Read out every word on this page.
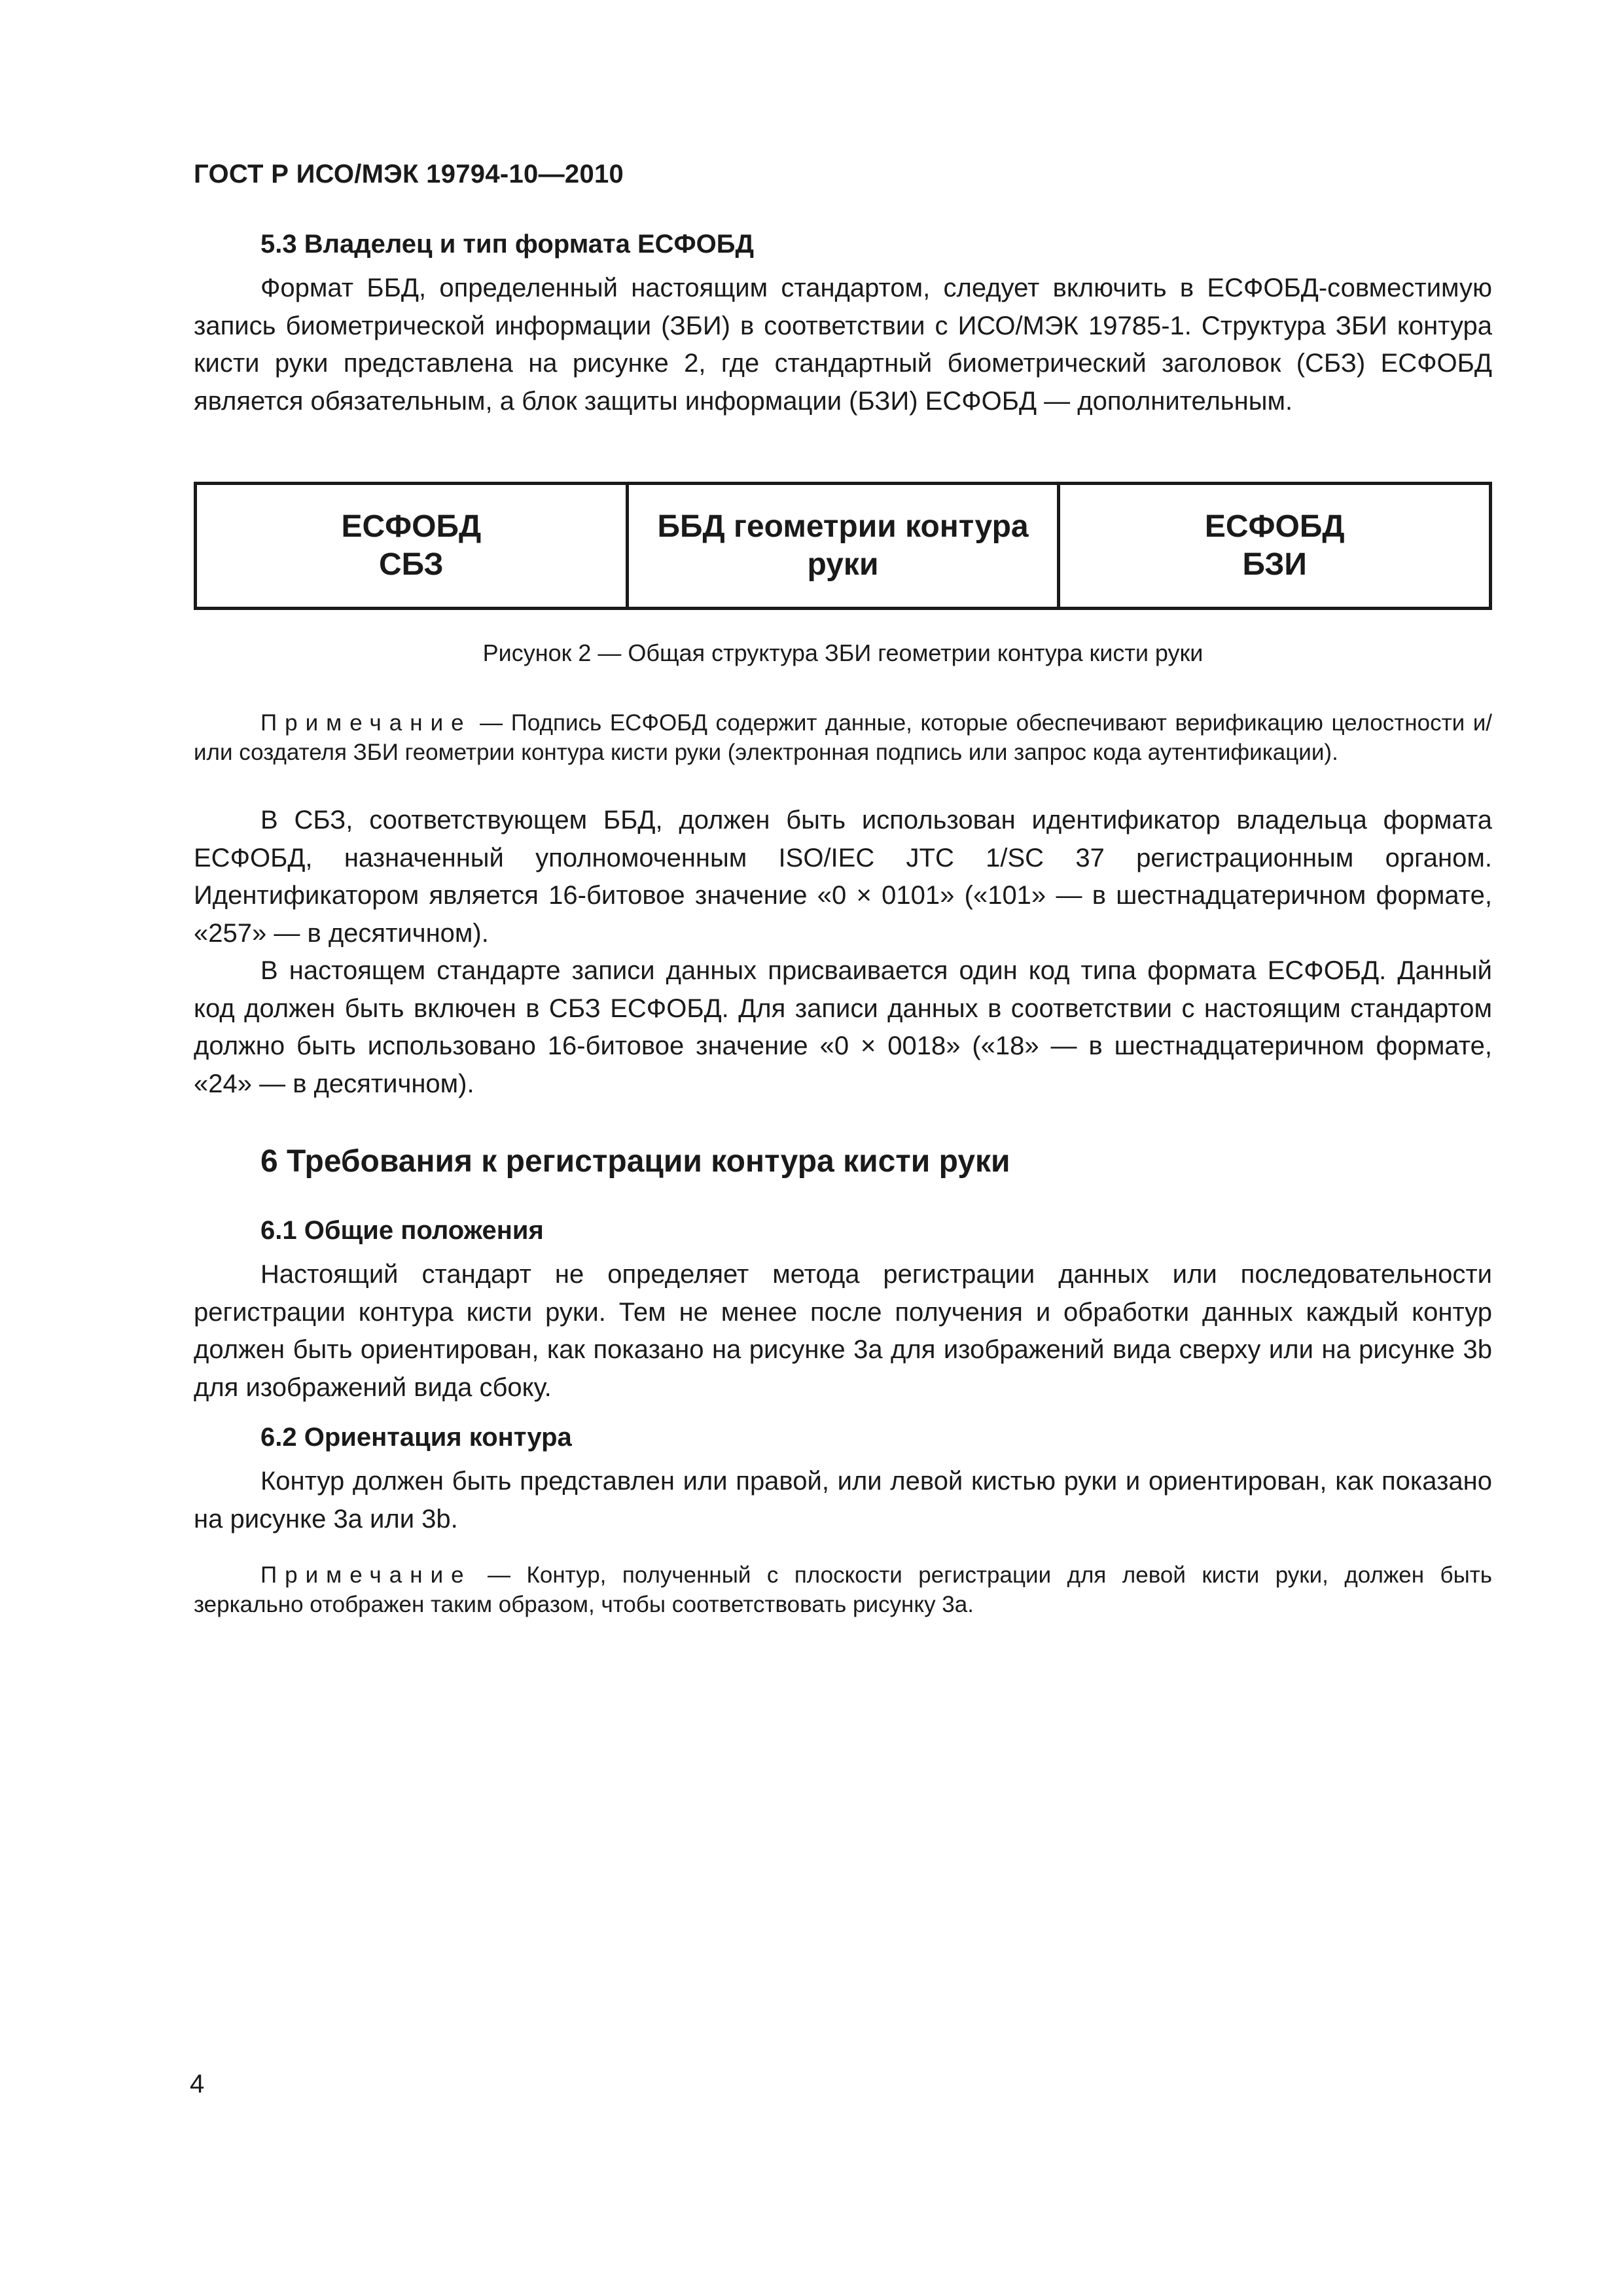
ГОСТ Р ИСО/МЭК 19794-10—2010
5.3 Владелец и тип формата ЕСФОБД

Формат ББД, определенный настоящим стандартом, следует включить в ЕСФОБД-совместимую запись биометрической информации (ЗБИ) в соответствии с ИСО/МЭК 19785-1. Структура ЗБИ контура кисти руки представлена на рисунке 2, где стандартный биометрический заголовок (СБЗ) ЕСФОБД является обязательным, а блок защиты информации (БЗИ) ЕСФОБД — дополнительным.

ЕСФОБД
СБЗ
ББД геометрии контура
руки
ЕСФОБД
БЗИ
Рисунок 2 — Общая структура ЗБИ геометрии контура кисти руки

Примечание — Подпись ЕСФОБД содержит данные, которые обеспечивают верификацию целостности и/или создателя ЗБИ геометрии контура кисти руки (электронная подпись или запрос кода аутентификации).

В СБЗ, соответствующем ББД, должен быть использован идентификатор владельца формата ЕСФОБД, назначенный уполномоченным ISO/IEC JTC 1/SC 37 регистрационным органом. Идентификатором является 16-битовое значение «0 × 0101» («101» — в шестнадцатеричном формате, «257» — в десятичном).

В настоящем стандарте записи данных присваивается один код типа формата ЕСФОБД. Данный код должен быть включен в СБЗ ЕСФОБД. Для записи данных в соответствии с настоящим стандартом должно быть использовано 16-битовое значение «0 × 0018» («18» — в шестнадцатеричном формате, «24» — в десятичном).

6 Требования к регистрации контура кисти руки
6.1 Общие положения

Настоящий стандарт не определяет метода регистрации данных или последовательности регистрации контура кисти руки. Тем не менее после получения и обработки данных каждый контур должен быть ориентирован, как показано на рисунке 3a для изображений вида сверху или на рисунке 3b для изображений вида сбоку.

6.2 Ориентация контура

Контур должен быть представлен или правой, или левой кистью руки и ориентирован, как показано на рисунке 3a или 3b.

Примечание — Контур, полученный с плоскости регистрации для левой кисти руки, должен быть зеркально отображен таким образом, чтобы соответствовать рисунку 3a.

4
